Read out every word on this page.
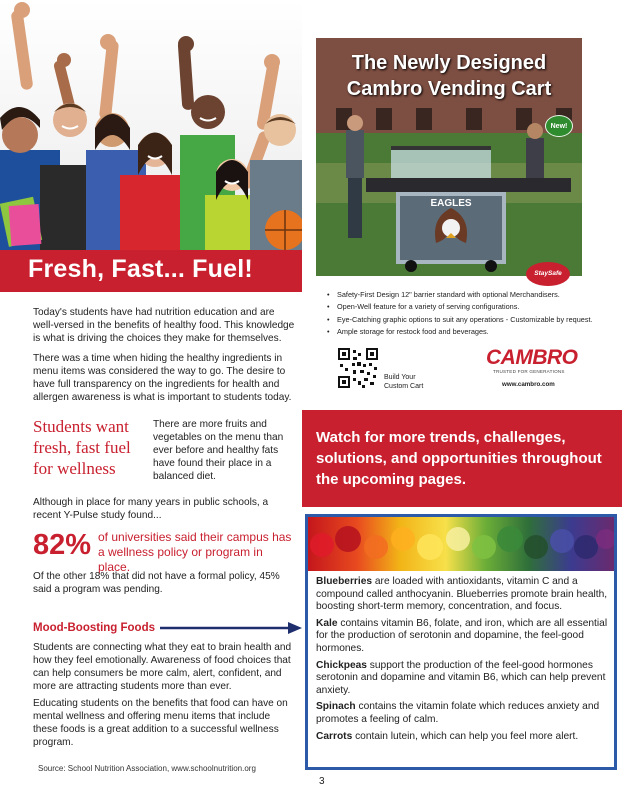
Fresh, Fast... Fuel!

Today's students have had nutrition education and are well-versed in the benefits of healthy food. This knowledge is what is driving the choices they make for themselves.

There was a time when hiding the healthy ingredients in menu items was considered the way to go. The desire to have full transparency on the ingredients for health and allergen awareness is what is important to students today.

Students want fresh, fast fuel for wellness

There are more fruits and vegetables on the menu than ever before and healthy fats have found their place in a balanced diet.

Although in place for many years in public schools, a recent Y-Pulse study found...

82% of universities said their campus has a wellness policy or program in place.

Of the other 18% that did not have a formal policy, 45% said a program was pending.

Mood-Boosting Foods

Students are connecting what they eat to brain health and how they feel emotionally. Awareness of food choices that can help consumers be more calm, alert, confident, and more are attracting students more than ever.

Educating students on the benefits that food can have on mental wellness and offering menu items that include these foods is a great addition to a successful wellness program.

Source: School Nutrition Association, www.schoolnutrition.org
EAGLES
The Newly Designed
Cambro Vending Cart
New!
StaySafe
• Safety-First Design 12" barrier standard with optional Merchandisers.
• Open-Well feature for a variety of serving configurations.
• Eye-Catching graphic options to suit any operations - Customizable by request.
• Ample storage for restock food and beverages.
Build Your
Custom Cart
CAMBRO
TRUSTED FOR GENERATIONS
www.cambro.com
Watch for more trends, challenges, solutions, and opportunities throughout the upcoming pages.

Blueberries are loaded with antioxidants, vitamin C and a compound called anthocyanin. Blueberries promote brain health, boosting short-term memory, concentration, and focus.

Kale contains vitamin B6, folate, and iron, which are all essential for the production of serotonin and dopamine, the feel-good hormones.

Chickpeas support the production of the feel-good hormones serotonin and dopamine and vitamin B6, which can help prevent anxiety.

Spinach contains the vitamin folate which reduces anxiety and promotes a feeling of calm.

Carrots contain lutein, which can help you feel more alert.

3
